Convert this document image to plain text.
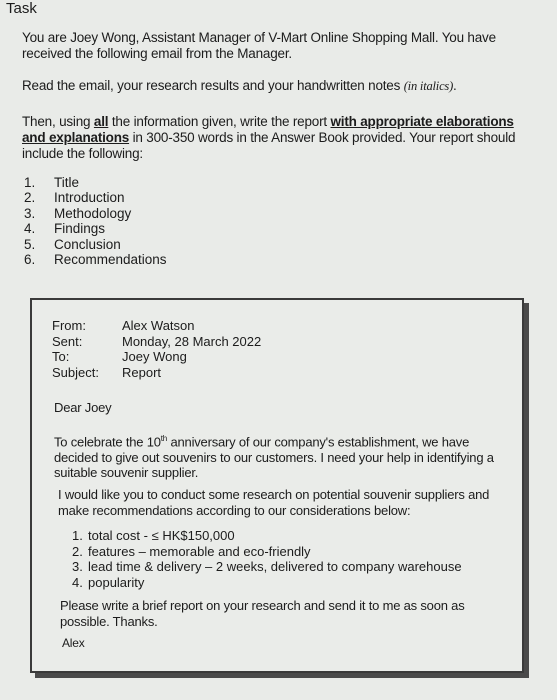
Task
You are Joey Wong, Assistant Manager of V-Mart Online Shopping Mall. You have received the following email from the Manager.
Read the email, your research results and your handwritten notes (in italics).
Then, using all the information given, write the report with appropriate elaborations and explanations in 300-350 words in the Answer Book provided. Your report should include the following:
1.	Title
2.	Introduction
3.	Methodology
4.	Findings
5.	Conclusion
6.	Recommendations
From:	Alex Watson
Sent:	Monday, 28 March 2022
To:	Joey Wong
Subject:	Report
Dear Joey
To celebrate the 10th anniversary of our company's establishment, we have decided to give out souvenirs to our customers. I need your help in identifying a suitable souvenir supplier.
I would like you to conduct some research on potential souvenir suppliers and make recommendations according to our considerations below:
1. total cost - ≤ HK$150,000
2. features – memorable and eco-friendly
3. lead time & delivery – 2 weeks, delivered to company warehouse
4. popularity
Please write a brief report on your research and send it to me as soon as possible. Thanks.
Alex
